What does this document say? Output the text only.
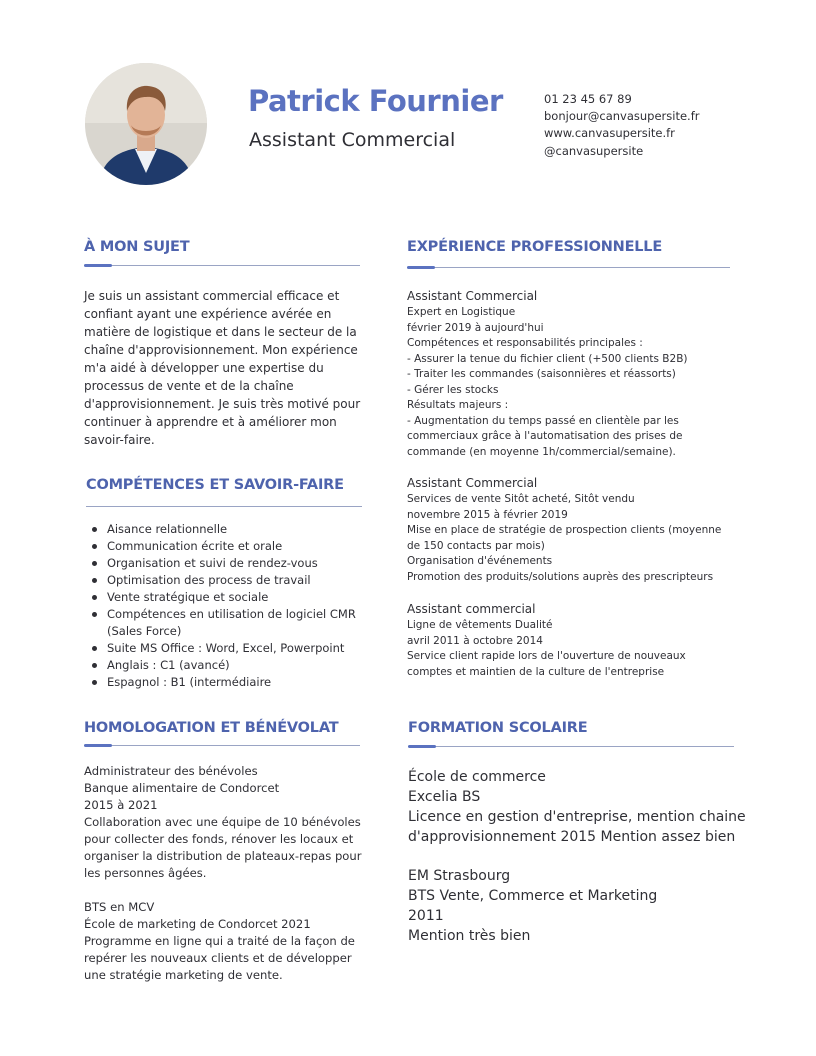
Patrick Fournier
Assistant Commercial
01 23 45 67 89
bonjour@canvasupersite.fr
www.canvasupersite.fr
@canvasupersite
À MON SUJET
Je suis un assistant commercial efficace et
confiant ayant une expérience avérée en
matière de logistique et dans le secteur de la
chaîne d'approvisionnement. Mon expérience
m'a aidé à développer une expertise du
processus de vente et de la chaîne
d'approvisionnement. Je suis très motivé pour
continuer à apprendre et à améliorer mon
savoir-faire.
COMPÉTENCES ET SAVOIR-FAIRE
Aisance relationnelle
Communication écrite et orale
Organisation et suivi de rendez-vous
Optimisation des process de travail
Vente stratégique et sociale
Compétences en utilisation de logiciel CMR
(Sales Force)
Suite MS Office : Word, Excel, Powerpoint
Anglais : C1 (avancé)
Espagnol : B1 (intermédiaire
EXPÉRIENCE PROFESSIONNELLE
Assistant Commercial
Expert en Logistique
février 2019 à aujourd'hui
Compétences et responsabilités principales :
- Assurer la tenue du fichier client (+500 clients B2B)
- Traiter les commandes (saisonnières et réassorts)
- Gérer les stocks
Résultats majeurs :
- Augmentation du temps passé en clientèle par les
commerciaux grâce à l'automatisation des prises de
commande (en moyenne 1h/commercial/semaine).
Assistant Commercial
Services de vente Sitôt acheté, Sitôt vendu
novembre 2015 à février 2019
Mise en place de stratégie de prospection clients (moyenne
de 150 contacts par mois)
Organisation d'événements
Promotion des produits/solutions auprès des prescripteurs
Assistant commercial
Ligne de vêtements Dualité
avril 2011 à octobre 2014
Service client rapide lors de l'ouverture de nouveaux
comptes et maintien de la culture de l'entreprise
HOMOLOGATION ET BÉNÉVOLAT
Administrateur des bénévoles
Banque alimentaire de Condorcet
2015 à 2021
Collaboration avec une équipe de 10 bénévoles
pour collecter des fonds, rénover les locaux et
organiser la distribution de plateaux-repas pour
les personnes âgées.
BTS en MCV
École de marketing de Condorcet 2021
Programme en ligne qui a traité de la façon de
repérer les nouveaux clients et de développer
une stratégie marketing de vente.
FORMATION SCOLAIRE
École de commerce
Excelia BS
Licence en gestion d'entreprise, mention chaine
d'approvisionnement 2015 Mention assez bien
EM Strasbourg
BTS Vente, Commerce et Marketing
2011
Mention très bien
